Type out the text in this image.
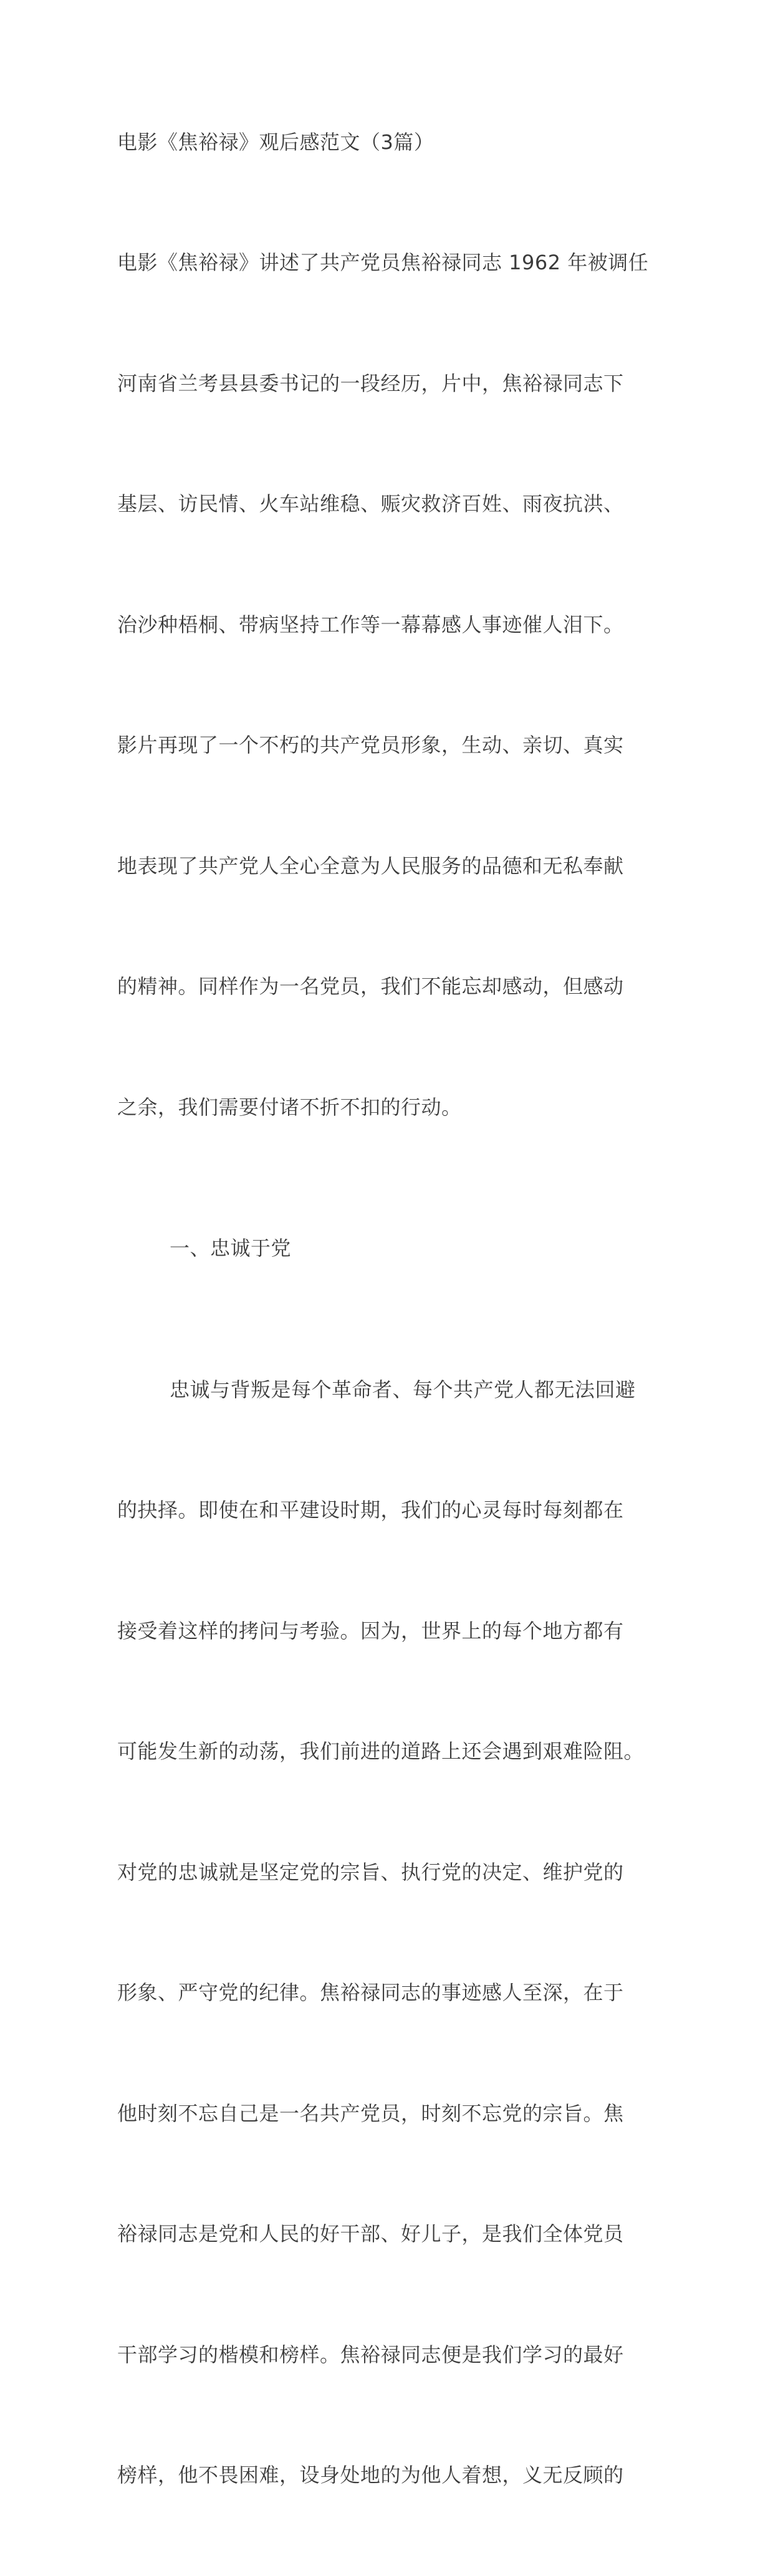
电影《焦裕禄》观后感范文（3篇）

电影《焦裕禄》讲述了共产党员焦裕禄同志 1962 年被调任

河南省兰考县县委书记的一段经历，片中，焦裕禄同志下

基层、访民情、火车站维稳、赈灾救济百姓、雨夜抗洪、

治沙种梧桐、带病坚持工作等一幕幕感人事迹催人泪下。

影片再现了一个不朽的共产党员形象，生动、亲切、真实

地表现了共产党人全心全意为人民服务的品德和无私奉献

的精神。同样作为一名党员，我们不能忘却感动，但感动

之余，我们需要付诸不折不扣的行动。

一、忠诚于党

忠诚与背叛是每个革命者、每个共产党人都无法回避

的抉择。即使在和平建设时期，我们的心灵每时每刻都在

接受着这样的拷问与考验。因为，世界上的每个地方都有

可能发生新的动荡，我们前进的道路上还会遇到艰难险阻。

对党的忠诚就是坚定党的宗旨、执行党的决定、维护党的

形象、严守党的纪律。焦裕禄同志的事迹感人至深，在于

他时刻不忘自己是一名共产党员，时刻不忘党的宗旨。焦

裕禄同志是党和人民的好干部、好儿子，是我们全体党员

干部学习的楷模和榜样。焦裕禄同志便是我们学习的最好

榜样，他不畏困难，设身处地的为他人着想，义无反顾的
